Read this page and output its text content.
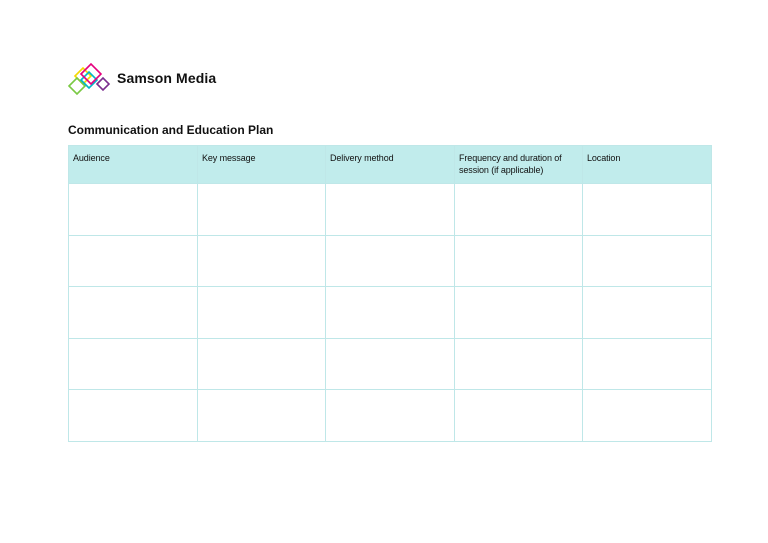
Samson Media
Communication and Education Plan
Audience	Key message	Delivery method	Frequency and duration of session (if applicable)	Location
